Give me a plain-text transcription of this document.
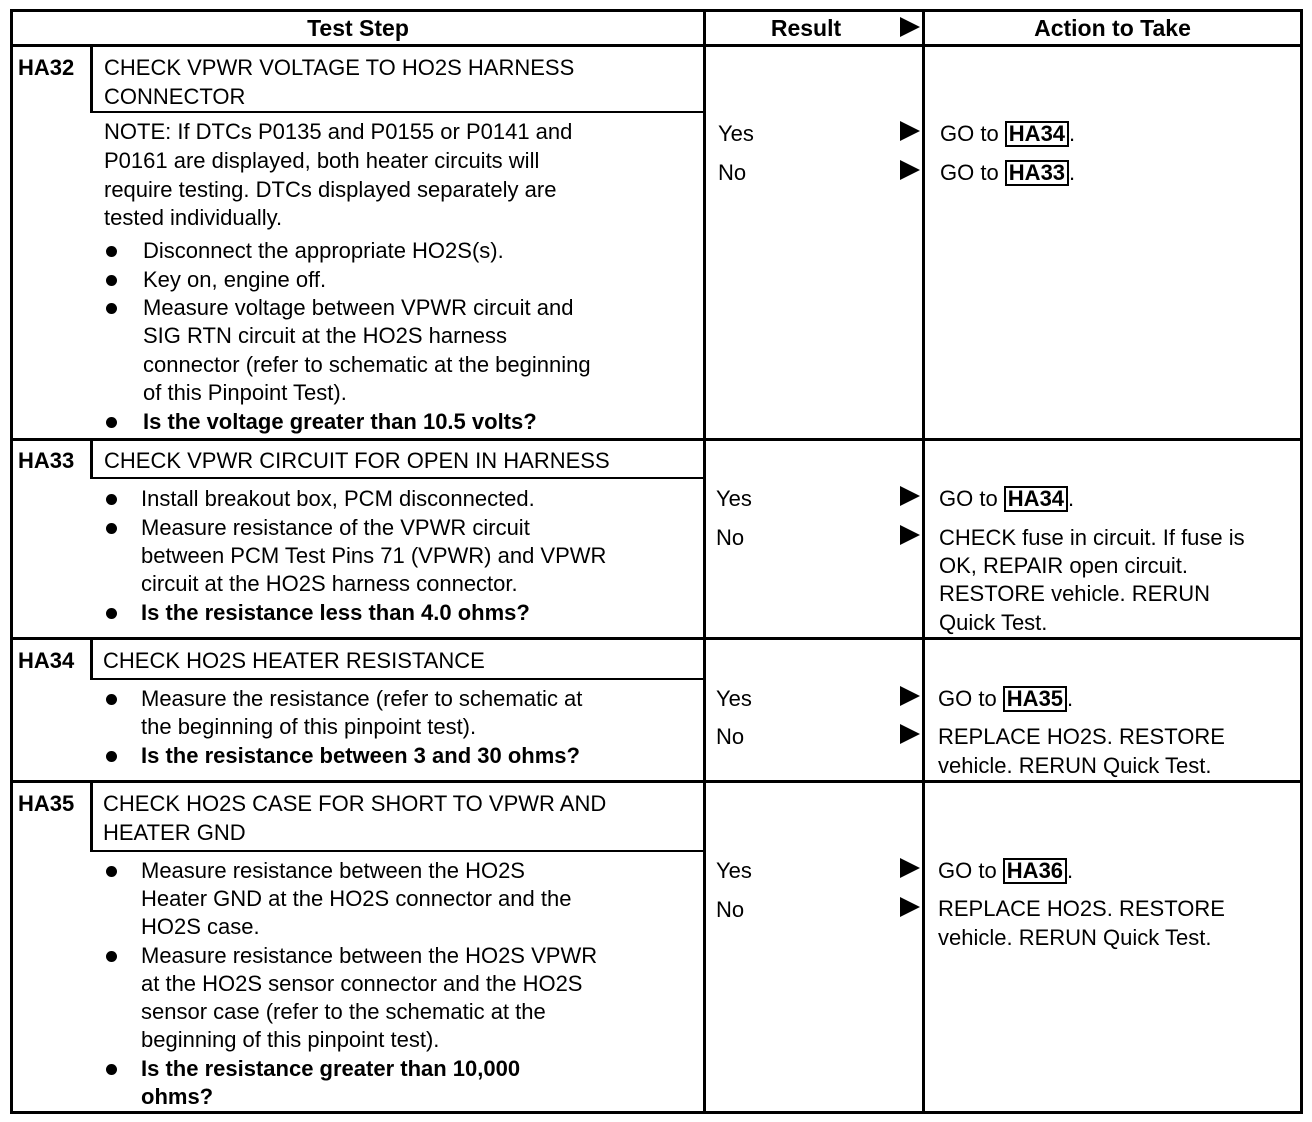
Test Step	Result	Action to Take
HA32 CHECK VPWR VOLTAGE TO HO2S HARNESS
CONNECTOR
NOTE: If DTCs P0135 and P0155 or P0141 and
P0161 are displayed, both heater circuits will
require testing. DTCs displayed separately are
tested individually.
Disconnect the appropriate HO2S(s).
Key on, engine off.
Measure voltage between VPWR circuit and
SIG RTN circuit at the HO2S harness
connector (refer to schematic at the beginning
of this Pinpoint Test).
Is the voltage greater than 10.5 volts?
Yes	GO to HA34 .
No	GO to HA33 .
HA33 CHECK VPWR CIRCUIT FOR OPEN IN HARNESS
Install breakout box, PCM disconnected.
Measure resistance of the VPWR circuit
between PCM Test Pins 71 (VPWR) and VPWR
circuit at the HO2S harness connector.
Is the resistance less than 4.0 ohms?
Yes	GO to HA34 .
No	CHECK fuse in circuit. If fuse is
OK, REPAIR open circuit.
RESTORE vehicle. RERUN
Quick Test.
HA34 CHECK HO2S HEATER RESISTANCE
Measure the resistance (refer to schematic at
the beginning of this pinpoint test).
Is the resistance between 3 and 30 ohms?
Yes	GO to HA35 .
No	REPLACE HO2S. RESTORE
vehicle. RERUN Quick Test.
HA35 CHECK HO2S CASE FOR SHORT TO VPWR AND
HEATER GND
Measure resistance between the HO2S
Heater GND at the HO2S connector and the
HO2S case.
Measure resistance between the HO2S VPWR
at the HO2S sensor connector and the HO2S
sensor case (refer to the schematic at the
beginning of this pinpoint test).
Is the resistance greater than 10,000
ohms?
Yes	GO to HA36 .
No	REPLACE HO2S. RESTORE
vehicle. RERUN Quick Test.
